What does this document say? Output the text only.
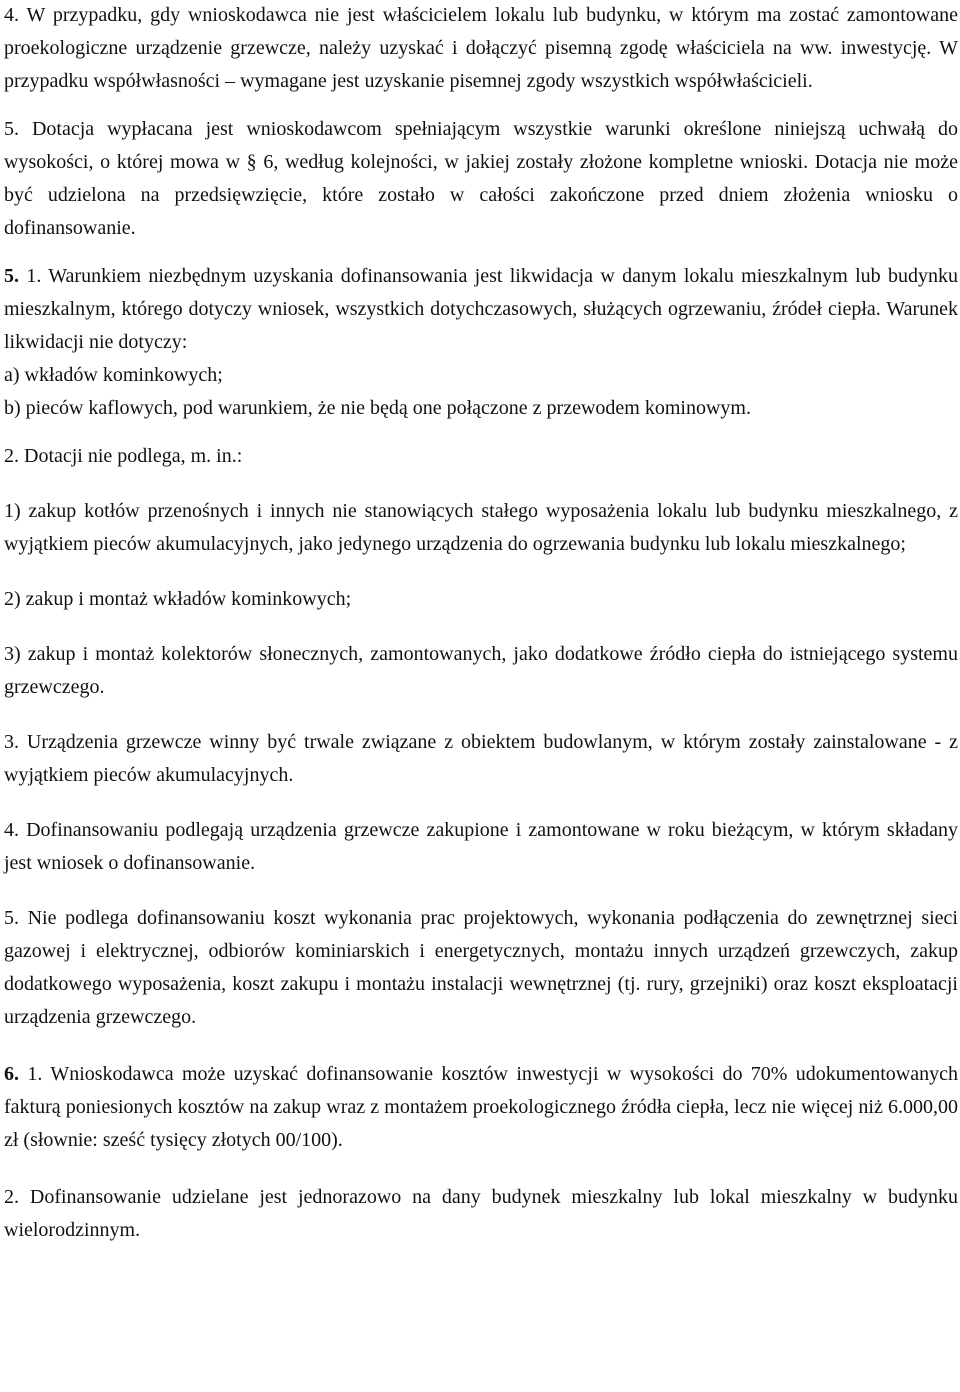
4. W przypadku, gdy wnioskodawca nie jest właścicielem lokalu lub budynku, w którym ma zostać zamontowane proekologiczne urządzenie grzewcze, należy uzyskać i dołączyć pisemną zgodę właściciela na ww. inwestycję. W przypadku współwłasności – wymagane jest uzyskanie pisemnej zgody wszystkich współwłaścicieli.

5. Dotacja wypłacana jest wnioskodawcom spełniającym wszystkie warunki określone niniejszą uchwałą do wysokości, o której mowa w § 6, według kolejności, w jakiej zostały złożone kompletne wnioski. Dotacja nie może być udzielona na przedsięwzięcie, które zostało w całości zakończone przed dniem złożenia wniosku o dofinansowanie.

5. 1. Warunkiem niezbędnym uzyskania dofinansowania jest likwidacja w danym lokalu mieszkalnym lub budynku mieszkalnym, którego dotyczy wniosek, wszystkich dotychczasowych, służących ogrzewaniu, źródeł ciepła. Warunek likwidacji nie dotyczy:

a) wkładów kominkowych;

b) pieców kaflowych, pod warunkiem, że nie będą one połączone z przewodem kominowym.

2. Dotacji nie podlega, m. in.:

1) zakup kotłów przenośnych i innych nie stanowiących stałego wyposażenia lokalu lub budynku mieszkalnego, z wyjątkiem pieców akumulacyjnych, jako jedynego urządzenia do ogrzewania budynku lub lokalu mieszkalnego;

2) zakup i montaż wkładów kominkowych;

3) zakup i montaż kolektorów słonecznych, zamontowanych, jako dodatkowe źródło ciepła do istniejącego systemu grzewczego.

3. Urządzenia grzewcze winny być trwale związane z obiektem budowlanym, w którym zostały zainstalowane - z wyjątkiem pieców akumulacyjnych.

4. Dofinansowaniu podlegają urządzenia grzewcze zakupione i zamontowane w roku bieżącym, w którym składany jest wniosek o dofinansowanie.

5. Nie podlega dofinansowaniu koszt wykonania prac projektowych, wykonania podłączenia do zewnętrznej sieci gazowej i elektrycznej, odbiorów kominiarskich i energetycznych, montażu innych urządzeń grzewczych, zakup dodatkowego wyposażenia, koszt zakupu i montażu instalacji wewnętrznej (tj. rury, grzejniki) oraz koszt eksploatacji urządzenia grzewczego.

6. 1. Wnioskodawca może uzyskać dofinansowanie kosztów inwestycji w wysokości do 70% udokumentowanych fakturą poniesionych kosztów na zakup wraz z montażem proekologicznego źródła ciepła, lecz nie więcej niż 6.000,00 zł (słownie: sześć tysięcy złotych 00/100).

2. Dofinansowanie udzielane jest jednorazowo na dany budynek mieszkalny lub lokal mieszkalny w budynku wielorodzinnym.
